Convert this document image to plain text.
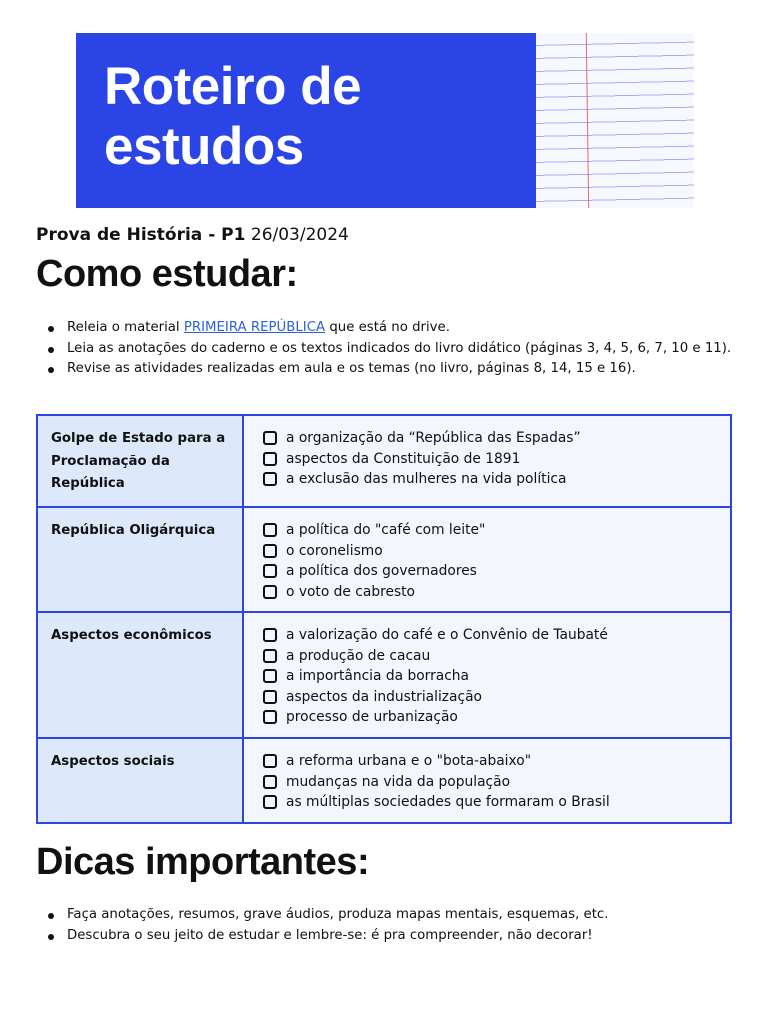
Roteiro de
estudos
Prova de História - P1 26/03/2024
Como estudar:
Releia o material PRIMEIRA REPÚBLICA que está no drive.
Leia as anotações do caderno e os textos indicados do livro didático (páginas 3, 4, 5, 6, 7, 10 e 11).
Revise as atividades realizadas em aula e os temas (no livro, páginas 8, 14, 15 e 16).
Golpe de Estado para a Proclamação da República	a organização da “República das Espadas”
aspectos da Constituição de 1891
a exclusão das mulheres na vida política

República Oligárquica	a política do "café com leite"
o coronelismo
a política dos governadores
o voto de cabresto

Aspectos econômicos	a valorização do café e o Convênio de Taubaté
a produção de cacau
a importância da borracha
aspectos da industrialização
processo de urbanização

Aspectos sociais	a reforma urbana e o "bota-abaixo"
mudanças na vida da população
as múltiplas sociedades que formaram o Brasil
Dicas importantes:
Faça anotações, resumos, grave áudios, produza mapas mentais, esquemas, etc.
Descubra o seu jeito de estudar e lembre-se: é pra compreender, não decorar!
